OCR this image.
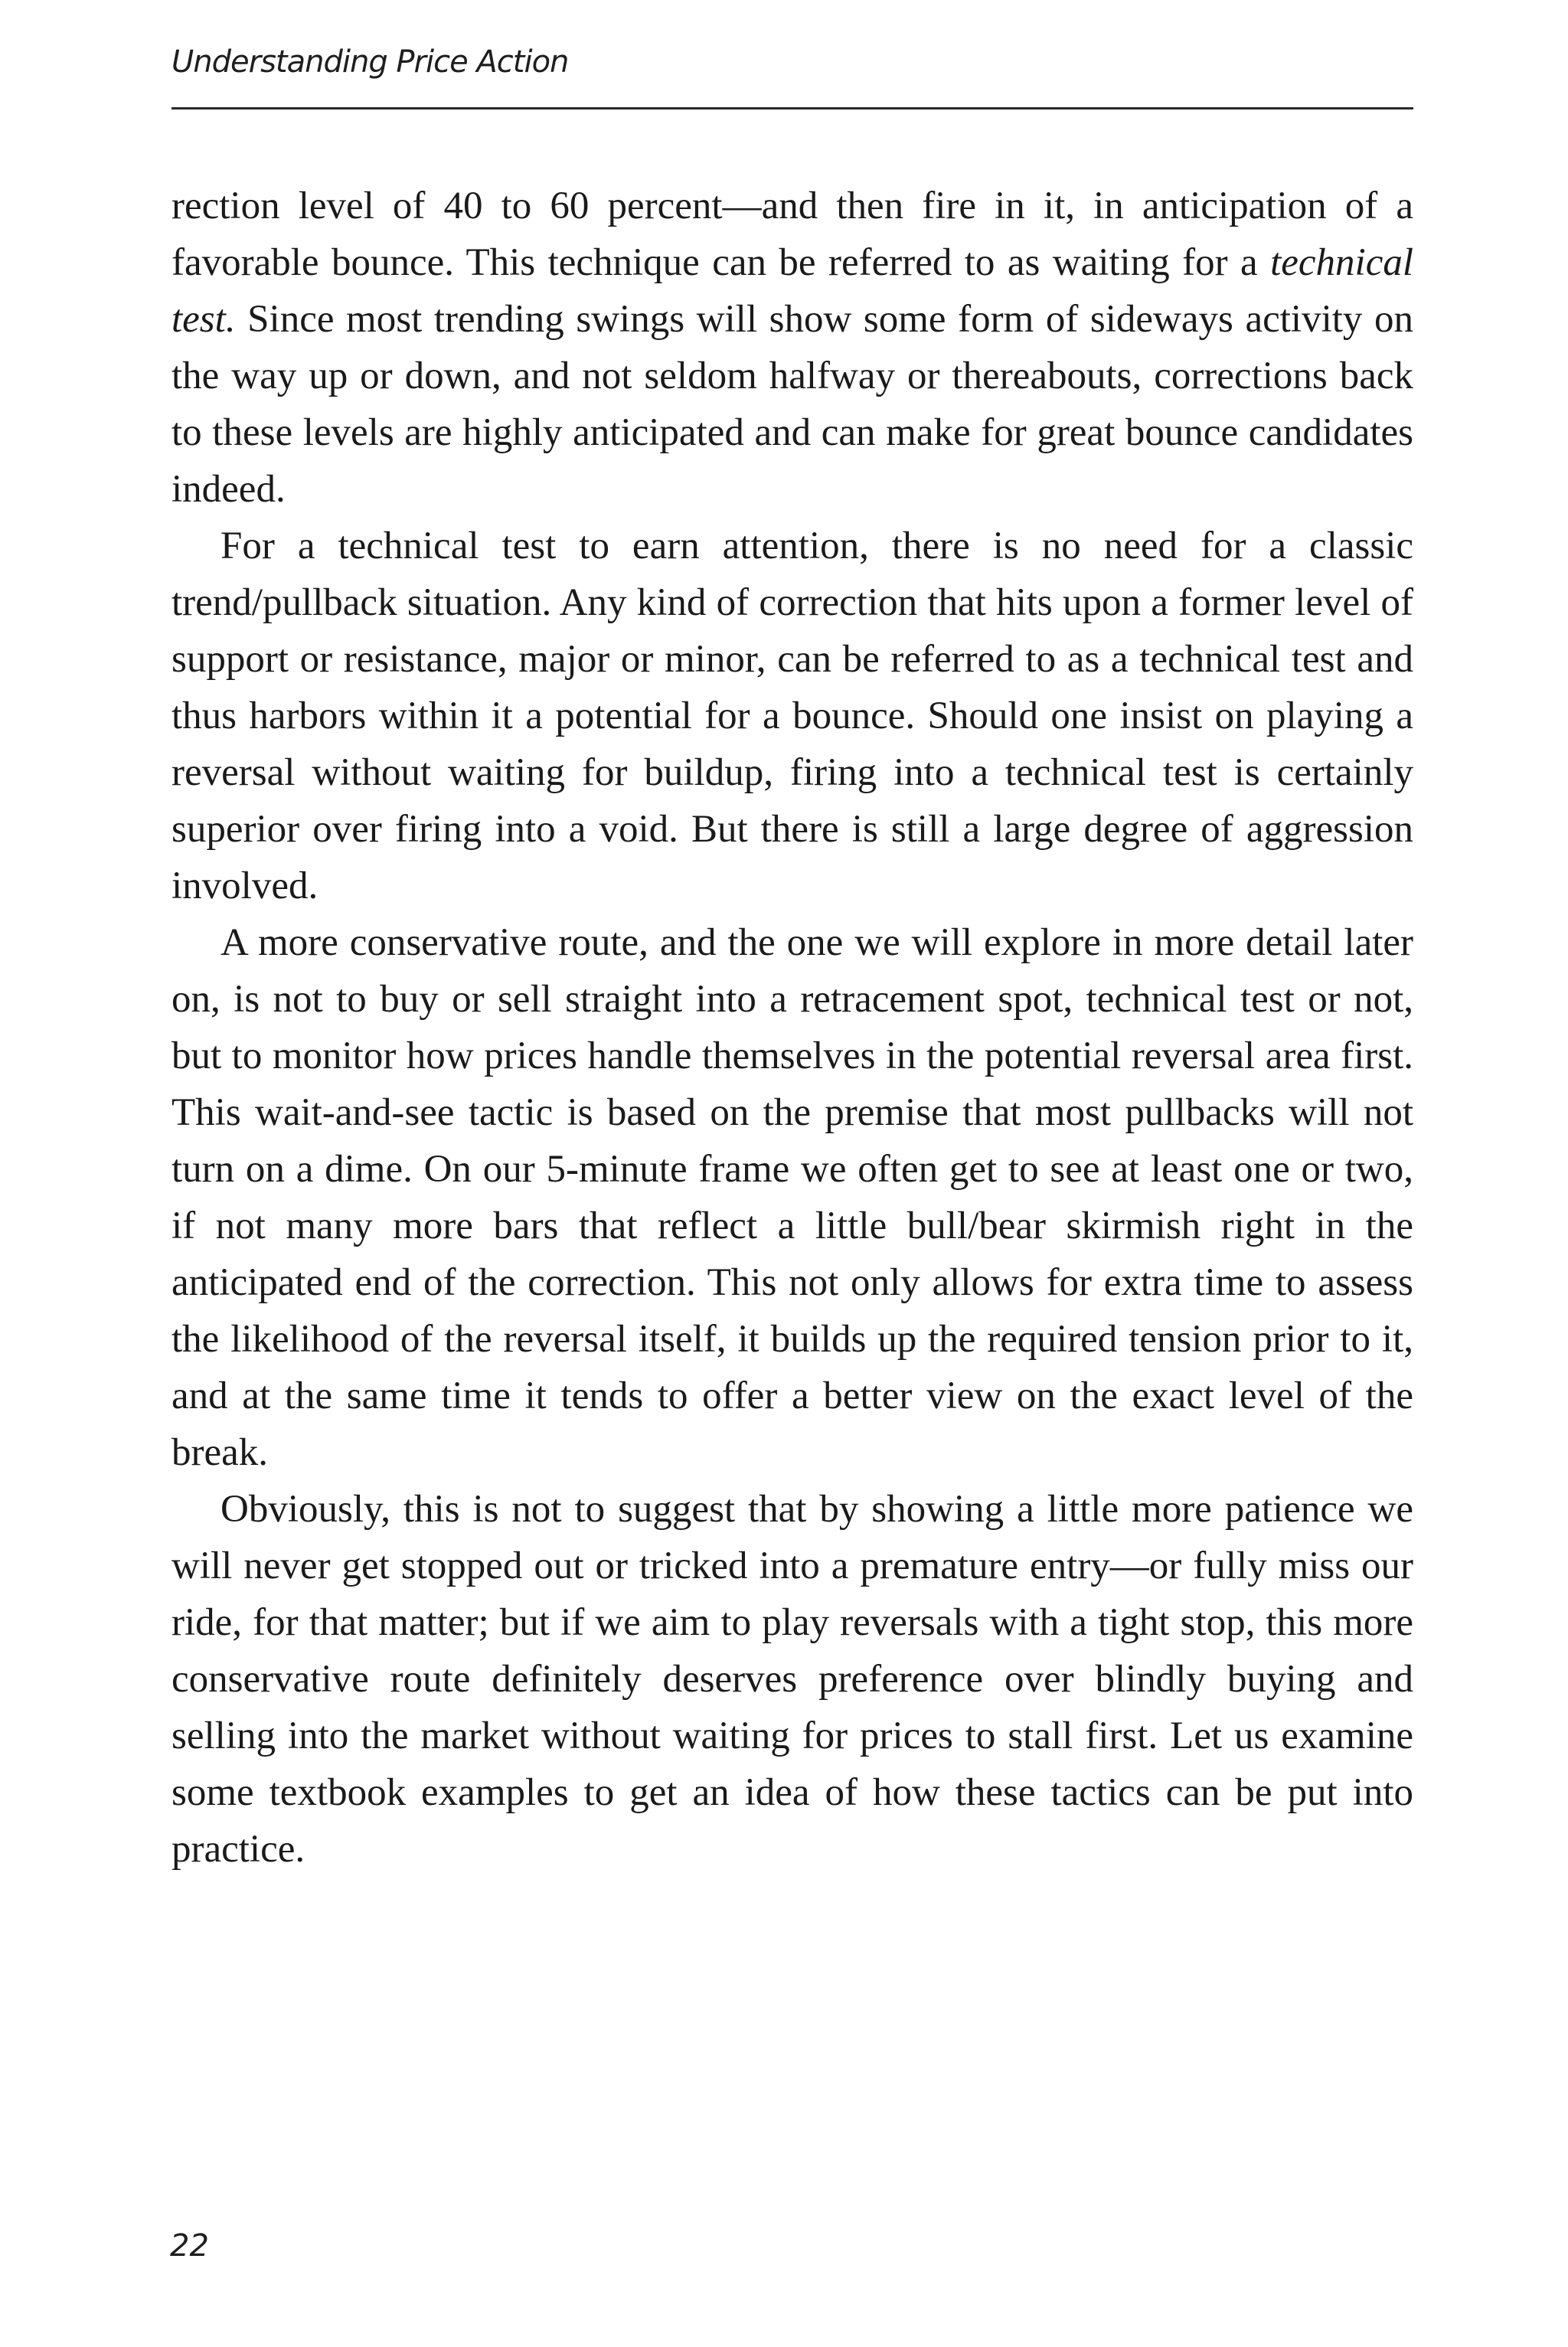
Understanding Price Action

rection level of 40 to 60 percent—and then fire in it, in anticipation of a favorable bounce. This technique can be referred to as waiting for a technical test. Since most trending swings will show some form of sideways activity on the way up or down, and not seldom halfway or thereabouts, corrections back to these levels are highly anticipated and can make for great bounce candidates indeed.

For a technical test to earn attention, there is no need for a classic trend/pullback situation. Any kind of correction that hits upon a former level of support or resistance, major or minor, can be referred to as a technical test and thus harbors within it a potential for a bounce. Should one insist on playing a reversal without waiting for buildup, firing into a technical test is certainly superior over firing into a void. But there is still a large degree of aggression involved.

A more conservative route, and the one we will explore in more detail later on, is not to buy or sell straight into a retracement spot, technical test or not, but to monitor how prices handle themselves in the potential reversal area first. This wait-and-see tactic is based on the premise that most pullbacks will not turn on a dime. On our 5-minute frame we often get to see at least one or two, if not many more bars that reflect a little bull/bear skirmish right in the anticipated end of the correction. This not only allows for extra time to assess the likelihood of the reversal itself, it builds up the required tension prior to it, and at the same time it tends to offer a better view on the exact level of the break.

Obviously, this is not to suggest that by showing a little more patience we will never get stopped out or tricked into a premature entry—or fully miss our ride, for that matter; but if we aim to play reversals with a tight stop, this more conservative route definitely deserves preference over blindly buying and selling into the market without waiting for prices to stall first. Let us examine some textbook examples to get an idea of how these tactics can be put into practice.

22
